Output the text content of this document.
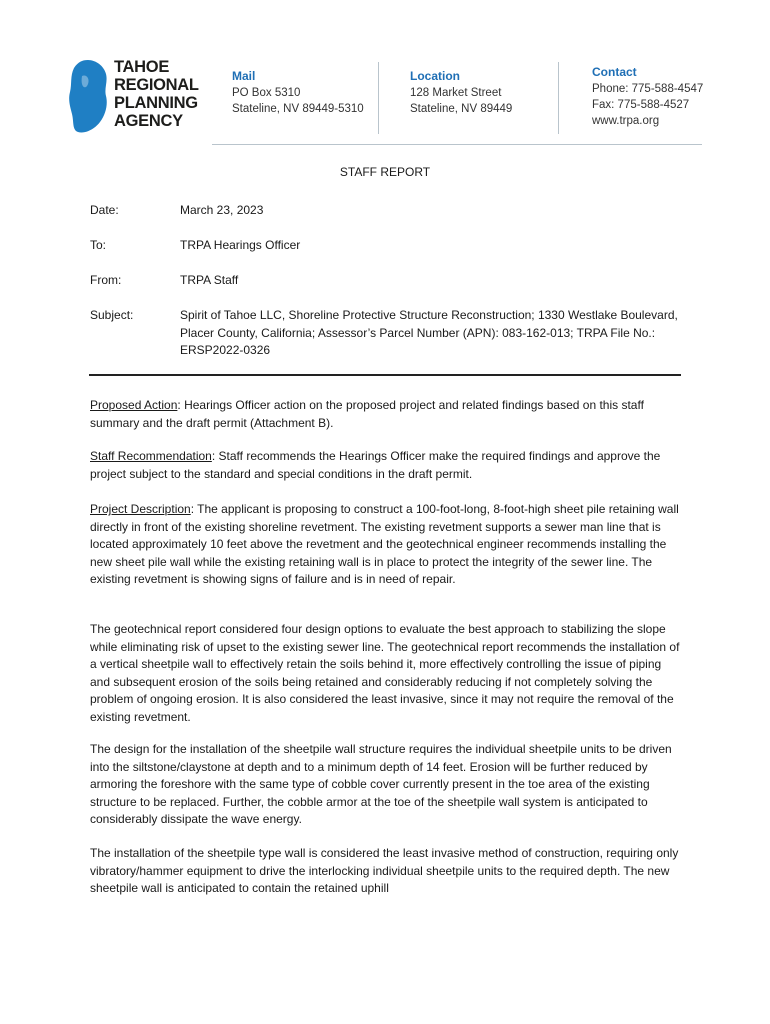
TAHOE
REGIONAL
PLANNING
AGENCY
Mail
PO Box 5310
Stateline, NV 89449-5310
Location
128 Market Street
Stateline, NV 89449
Contact
Phone: 775-588-4547
Fax: 775-588-4527
www.trpa.org
STAFF REPORT
Date:	March 23, 2023
To:	TRPA Hearings Officer
From:	TRPA Staff
Subject:	Spirit of Tahoe LLC, Shoreline Protective Structure Reconstruction; 1330 Westlake Boulevard, Placer County, California; Assessor’s Parcel Number (APN): 083-162-013; TRPA File No.: ERSP2022-0326

Proposed Action: Hearings Officer action on the proposed project and related findings based on this staff summary and the draft permit (Attachment B).

Staff Recommendation: Staff recommends the Hearings Officer make the required findings and approve the project subject to the standard and special conditions in the draft permit.

Project Description: The applicant is proposing to construct a 100-foot-long, 8-foot-high sheet pile retaining wall directly in front of the existing shoreline revetment. The existing revetment supports a sewer man line that is located approximately 10 feet above the revetment and the geotechnical engineer recommends installing the new sheet pile wall while the existing retaining wall is in place to protect the integrity of the sewer line. The existing revetment is showing signs of failure and is in need of repair.

The geotechnical report considered four design options to evaluate the best approach to stabilizing the slope while eliminating risk of upset to the existing sewer line. The geotechnical report recommends the installation of a vertical sheetpile wall to effectively retain the soils behind it, more effectively controlling the issue of piping and subsequent erosion of the soils being retained and considerably reducing if not completely solving the problem of ongoing erosion. It is also considered the least invasive, since it may not require the removal of the existing revetment.

The design for the installation of the sheetpile wall structure requires the individual sheetpile units to be driven into the siltstone/claystone at depth and to a minimum depth of 14 feet. Erosion will be further reduced by armoring the foreshore with the same type of cobble cover currently present in the toe area of the existing structure to be replaced. Further, the cobble armor at the toe of the sheetpile wall system is anticipated to considerably dissipate the wave energy.

The installation of the sheetpile type wall is considered the least invasive method of construction, requiring only vibratory/hammer equipment to drive the interlocking individual sheetpile units to the required depth. The new sheetpile wall is anticipated to contain the retained uphill
